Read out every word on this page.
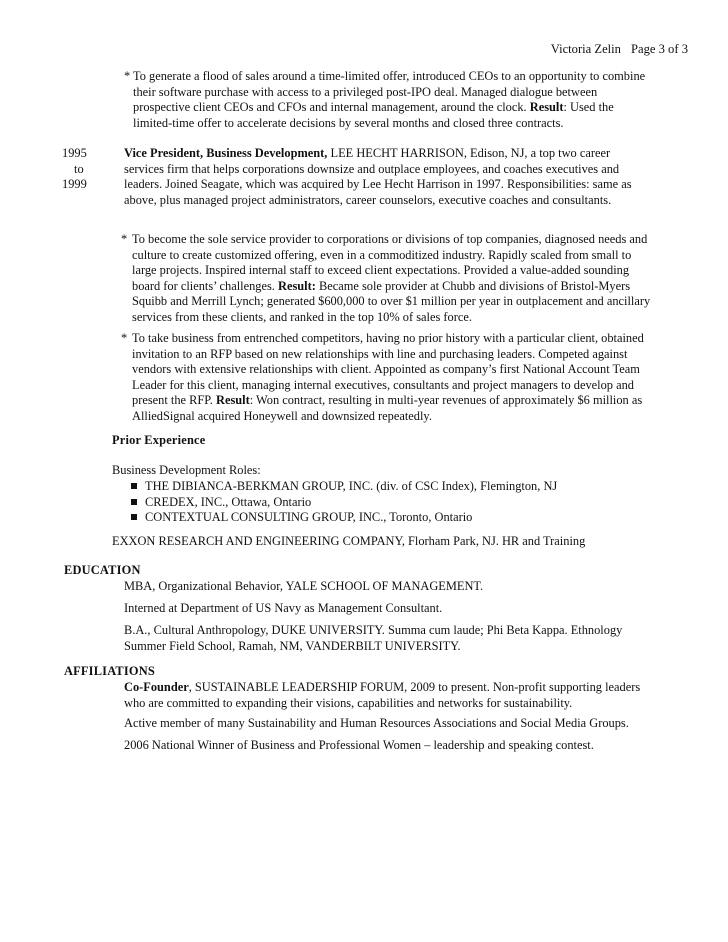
Victoria Zelin Page 3 of 3
* To generate a flood of sales around a time-limited offer, introduced CEOs to an opportunity to combine their software purchase with access to a privileged post-IPO deal. Managed dialogue between prospective client CEOs and CFOs and internal management, around the clock. Result: Used the limited-time offer to accelerate decisions by several months and closed three contracts.
1995
to
1999
Vice President, Business Development, LEE HECHT HARRISON, Edison, NJ, a top two career services firm that helps corporations downsize and outplace employees, and coaches executives and leaders. Joined Seagate, which was acquired by Lee Hecht Harrison in 1997. Responsibilities: same as above, plus managed project administrators, career counselors, executive coaches and consultants.
* To become the sole service provider to corporations or divisions of top companies, diagnosed needs and culture to create customized offering, even in a commoditized industry. Rapidly scaled from small to large projects. Inspired internal staff to exceed client expectations. Provided a value-added sounding board for clients’ challenges. Result: Became sole provider at Chubb and divisions of Bristol-Myers Squibb and Merrill Lynch; generated $600,000 to over $1 million per year in outplacement and ancillary services from these clients, and ranked in the top 10% of sales force.
* To take business from entrenched competitors, having no prior history with a particular client, obtained invitation to an RFP based on new relationships with line and purchasing leaders. Competed against vendors with extensive relationships with client. Appointed as company’s first National Account Team Leader for this client, managing internal executives, consultants and project managers to develop and present the RFP. Result: Won contract, resulting in multi-year revenues of approximately $6 million as AlliedSignal acquired Honeywell and downsized repeatedly.
Prior Experience
Business Development Roles:
THE DIBIANCA-BERKMAN GROUP, INC. (div. of CSC Index), Flemington, NJ
CREDEX, INC., Ottawa, Ontario
CONTEXTUAL CONSULTING GROUP, INC., Toronto, Ontario
EXXON RESEARCH AND ENGINEERING COMPANY, Florham Park, NJ. HR and Training
EDUCATION
MBA, Organizational Behavior, YALE SCHOOL OF MANAGEMENT.
Interned at Department of US Navy as Management Consultant.
B.A., Cultural Anthropology, DUKE UNIVERSITY. Summa cum laude; Phi Beta Kappa. Ethnology Summer Field School, Ramah, NM, VANDERBILT UNIVERSITY.
AFFILIATIONS
Co-Founder, SUSTAINABLE LEADERSHIP FORUM, 2009 to present. Non-profit supporting leaders who are committed to expanding their visions, capabilities and networks for sustainability.
Active member of many Sustainability and Human Resources Associations and Social Media Groups.
2006 National Winner of Business and Professional Women – leadership and speaking contest.
